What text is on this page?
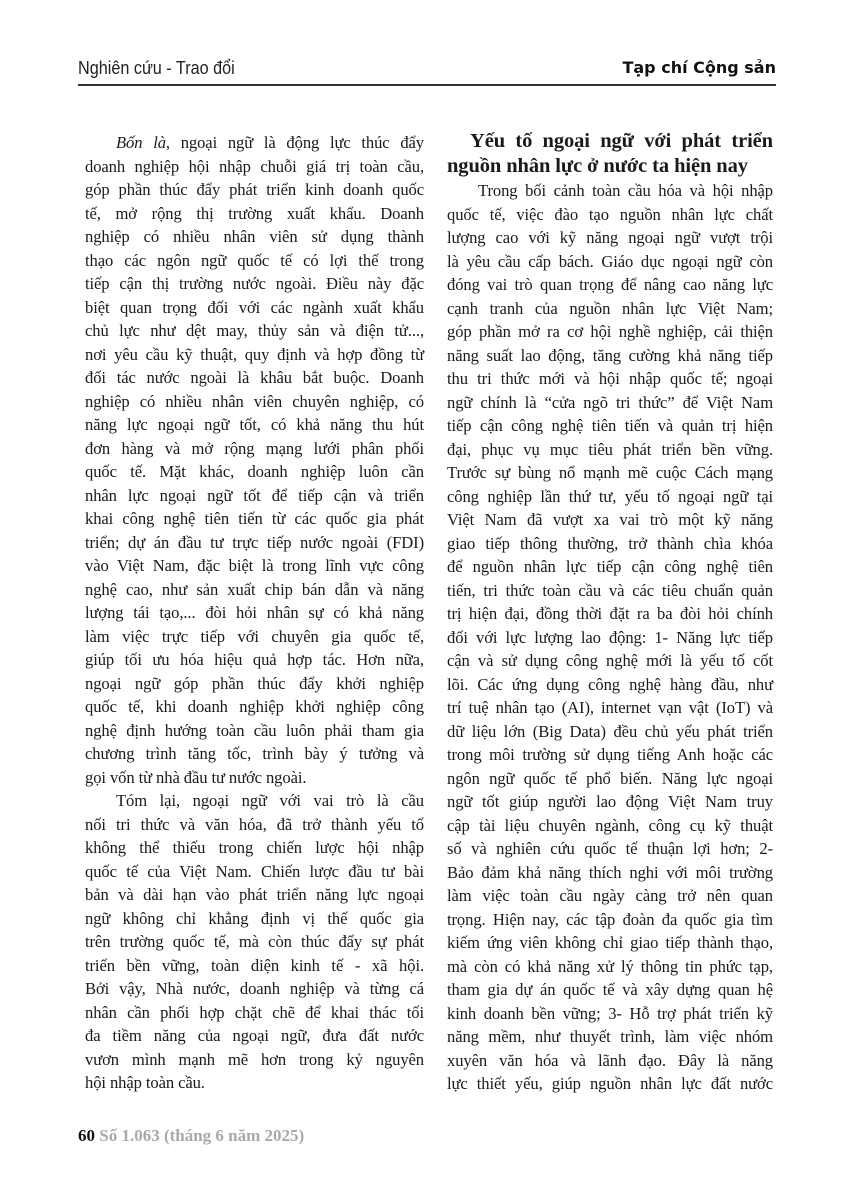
Nghiên cứu - Trao đổi	Tạp chí Cộng sản
Bốn là, ngoại ngữ là động lực thúc đẩy
doanh nghiệp hội nhập chuỗi giá trị toàn cầu,
góp phần thúc đẩy phát triển kinh doanh quốc
tế, mở rộng thị trường xuất khẩu. Doanh
nghiệp có nhiều nhân viên sử dụng thành
thạo các ngôn ngữ quốc tế có lợi thế trong
tiếp cận thị trường nước ngoài. Điều này đặc
biệt quan trọng đối với các ngành xuất khẩu
chủ lực như dệt may, thủy sản và điện tử...,
nơi yêu cầu kỹ thuật, quy định và hợp đồng từ
đối tác nước ngoài là khâu bắt buộc. Doanh
nghiệp có nhiều nhân viên chuyên nghiệp, có
năng lực ngoại ngữ tốt, có khả năng thu hút
đơn hàng và mở rộng mạng lưới phân phối
quốc tế. Mặt khác, doanh nghiệp luôn cần
nhân lực ngoại ngữ tốt để tiếp cận và triển
khai công nghệ tiên tiến từ các quốc gia phát
triển; dự án đầu tư trực tiếp nước ngoài (FDI)
vào Việt Nam, đặc biệt là trong lĩnh vực công
nghệ cao, như sản xuất chip bán dẫn và năng
lượng tái tạo,... đòi hỏi nhân sự có khả năng
làm việc trực tiếp với chuyên gia quốc tế,
giúp tối ưu hóa hiệu quả hợp tác. Hơn nữa,
ngoại ngữ góp phần thúc đẩy khởi nghiệp
quốc tế, khi doanh nghiệp khởi nghiệp công
nghệ định hướng toàn cầu luôn phải tham gia
chương trình tăng tốc, trình bày ý tưởng và
gọi vốn từ nhà đầu tư nước ngoài.
Tóm lại, ngoại ngữ với vai trò là cầu
nối tri thức và văn hóa, đã trở thành yếu tố
không thể thiếu trong chiến lược hội nhập
quốc tế của Việt Nam. Chiến lược đầu tư bài
bản và dài hạn vào phát triển năng lực ngoại
ngữ không chỉ khẳng định vị thế quốc gia
trên trường quốc tế, mà còn thúc đẩy sự phát
triển bền vững, toàn diện kinh tế - xã hội.
Bởi vậy, Nhà nước, doanh nghiệp và từng cá
nhân cần phối hợp chặt chẽ để khai thác tối
đa tiềm năng của ngoại ngữ, đưa đất nước
vươn mình mạnh mẽ hơn trong kỷ nguyên
hội nhập toàn cầu.
Yếu tố ngoại ngữ với phát triển
nguồn nhân lực ở nước ta hiện nay
Trong bối cảnh toàn cầu hóa và hội nhập
quốc tế, việc đào tạo nguồn nhân lực chất
lượng cao với kỹ năng ngoại ngữ vượt trội
là yêu cầu cấp bách. Giáo dục ngoại ngữ còn
đóng vai trò quan trọng để nâng cao năng lực
cạnh tranh của nguồn nhân lực Việt Nam;
góp phần mở ra cơ hội nghề nghiệp, cải thiện
năng suất lao động, tăng cường khả năng tiếp
thu tri thức mới và hội nhập quốc tế; ngoại
ngữ chính là “cửa ngõ tri thức” để Việt Nam
tiếp cận công nghệ tiên tiến và quản trị hiện
đại, phục vụ mục tiêu phát triển bền vững.
Trước sự bùng nổ mạnh mẽ cuộc Cách mạng
công nghiệp lần thứ tư, yếu tố ngoại ngữ tại
Việt Nam đã vượt xa vai trò một kỹ năng
giao tiếp thông thường, trở thành chìa khóa
để nguồn nhân lực tiếp cận công nghệ tiên
tiến, tri thức toàn cầu và các tiêu chuẩn quản
trị hiện đại, đồng thời đặt ra ba đòi hỏi chính
đối với lực lượng lao động: 1- Năng lực tiếp
cận và sử dụng công nghệ mới là yếu tố cốt
lõi. Các ứng dụng công nghệ hàng đầu, như
trí tuệ nhân tạo (AI), internet vạn vật (IoT) và
dữ liệu lớn (Big Data) đều chủ yếu phát triển
trong môi trường sử dụng tiếng Anh hoặc các
ngôn ngữ quốc tế phổ biến. Năng lực ngoại
ngữ tốt giúp người lao động Việt Nam truy
cập tài liệu chuyên ngành, công cụ kỹ thuật
số và nghiên cứu quốc tế thuận lợi hơn; 2-
Bảo đảm khả năng thích nghi với môi trường
làm việc toàn cầu ngày càng trở nên quan
trọng. Hiện nay, các tập đoàn đa quốc gia tìm
kiếm ứng viên không chỉ giao tiếp thành thạo,
mà còn có khả năng xử lý thông tin phức tạp,
tham gia dự án quốc tế và xây dựng quan hệ
kinh doanh bền vững; 3- Hỗ trợ phát triển kỹ
năng mềm, như thuyết trình, làm việc nhóm
xuyên văn hóa và lãnh đạo. Đây là năng
lực thiết yếu, giúp nguồn nhân lực đất nước
60 Số 1.063 (tháng 6 năm 2025)
